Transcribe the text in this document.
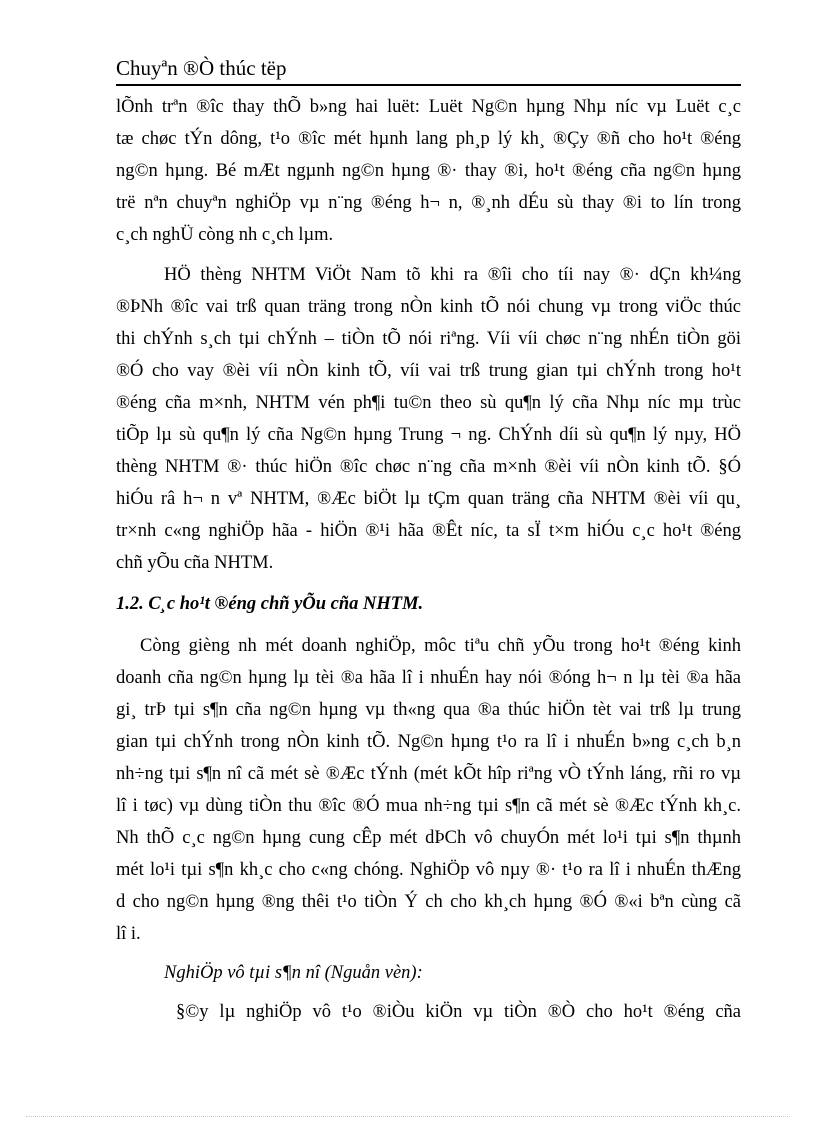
Chuyªn ®Ò thúc tëp
lÕnh trªn ®îc thay thÕ b»ng hai luët: Luët Ng©n hµng Nhµ níc vµ Luët c¸c
tæ chøc tÝn dông, t¹o ®îc mét hµnh lang ph¸p lý kh¸ ®Çy ®ñ cho ho¹t ®éng
ng©n hµng. Bé mÆt ngµnh ng©n hµng ®· thay ®i, ho¹t ®éng cña ng©n hµng
trë nªn chuyªn nghiÖp vµ n¨ng ®éng h¬ n, ®¸nh dÉu sù thay ®i to lín trong
c¸ch nghÜ còng nh c¸ch lµm.
HÖ thèng NHTM ViÖt Nam tõ khi ra ®îi cho tíi nay ®· dÇn kh¼ng
®ÞNh ®îc vai trß quan träng trong nÒn kinh tÕ nói chung vµ trong viÖc thúc
thi chÝnh s¸ch tµi chÝnh – tiÒn tÕ nói riªng. Víi víi chøc n¨ng nhÉn tiÒn göi
®Ó cho vay ®èi víi nÒn kinh tÕ, víi vai trß trung gian tµi chÝnh trong ho¹t
®éng cña m×nh, NHTM vén ph¶i tu©n theo sù qu¶n lý cña Nhµ níc mµ trùc
tiÕp lµ sù qu¶n lý cña Ng©n hµng Trung ¬ ng. ChÝnh díi sù qu¶n lý nµy, HÖ
thèng NHTM ®· thúc hiÖn ®îc chøc n¨ng cña m×nh ®èi víi nÒn kinh tÕ. §Ó
hiÓu râ h¬ n vª NHTM, ®Æc biÖt lµ tÇm quan träng cña NHTM ®èi víi qu¸
tr×nh c«ng nghiÖp hãa - hiÖn ®¹i hãa ®Êt níc, ta sÏ t×m hiÓu c¸c ho¹t ®éng
chñ yÕu cña NHTM.
1.2. C¸c ho¹t ®éng chñ yÕu cña NHTM.
Còng gièng nh mét doanh nghiÖp, môc tiªu chñ yÕu trong ho¹t ®éng kinh
doanh cña ng©n hµng lµ tèi ®a hãa lî i nhuÉn hay nói ®óng h¬ n lµ tèi ®a hãa
gi¸ trÞ tµi s¶n cña ng©n hµng vµ th«ng qua ®a thúc hiÖn tèt vai trß lµ trung
gian tµi chÝnh trong nÒn kinh tÕ. Ng©n hµng t¹o ra lî i nhuÉn b»ng c¸ch b¸n
nh÷ng tµi s¶n nî cã mét sè ®Æc tÝnh (mét kÕt hîp riªng vÒ tÝnh láng, rñi ro vµ
lî i tøc) vµ dùng tiÒn thu ®îc ®Ó mua nh÷ng tµi s¶n cã mét sè ®Æc tÝnh kh¸c.
Nh thÕ c¸c ng©n hµng cung cÊp mét dÞCh vô chuyÓn mét lo¹i tµi s¶n thµnh
mét lo¹i tµi s¶n kh¸c cho c«ng chóng. NghiÖp vô nµy ®· t¹o ra lî i nhuÉn thÆng
d cho ng©n hµng ®ng thêi t¹o tiÒn Ý ch cho kh¸ch hµng ®Ó ®«i bªn cùng cã
lî i.
NghiÖp vô tµi s¶n nî (Nguån vèn):
§©y lµ nghiÖp vô t¹o ®iÒu kiÖn vµ tiÒn ®Ò cho ho¹t ®éng cña
